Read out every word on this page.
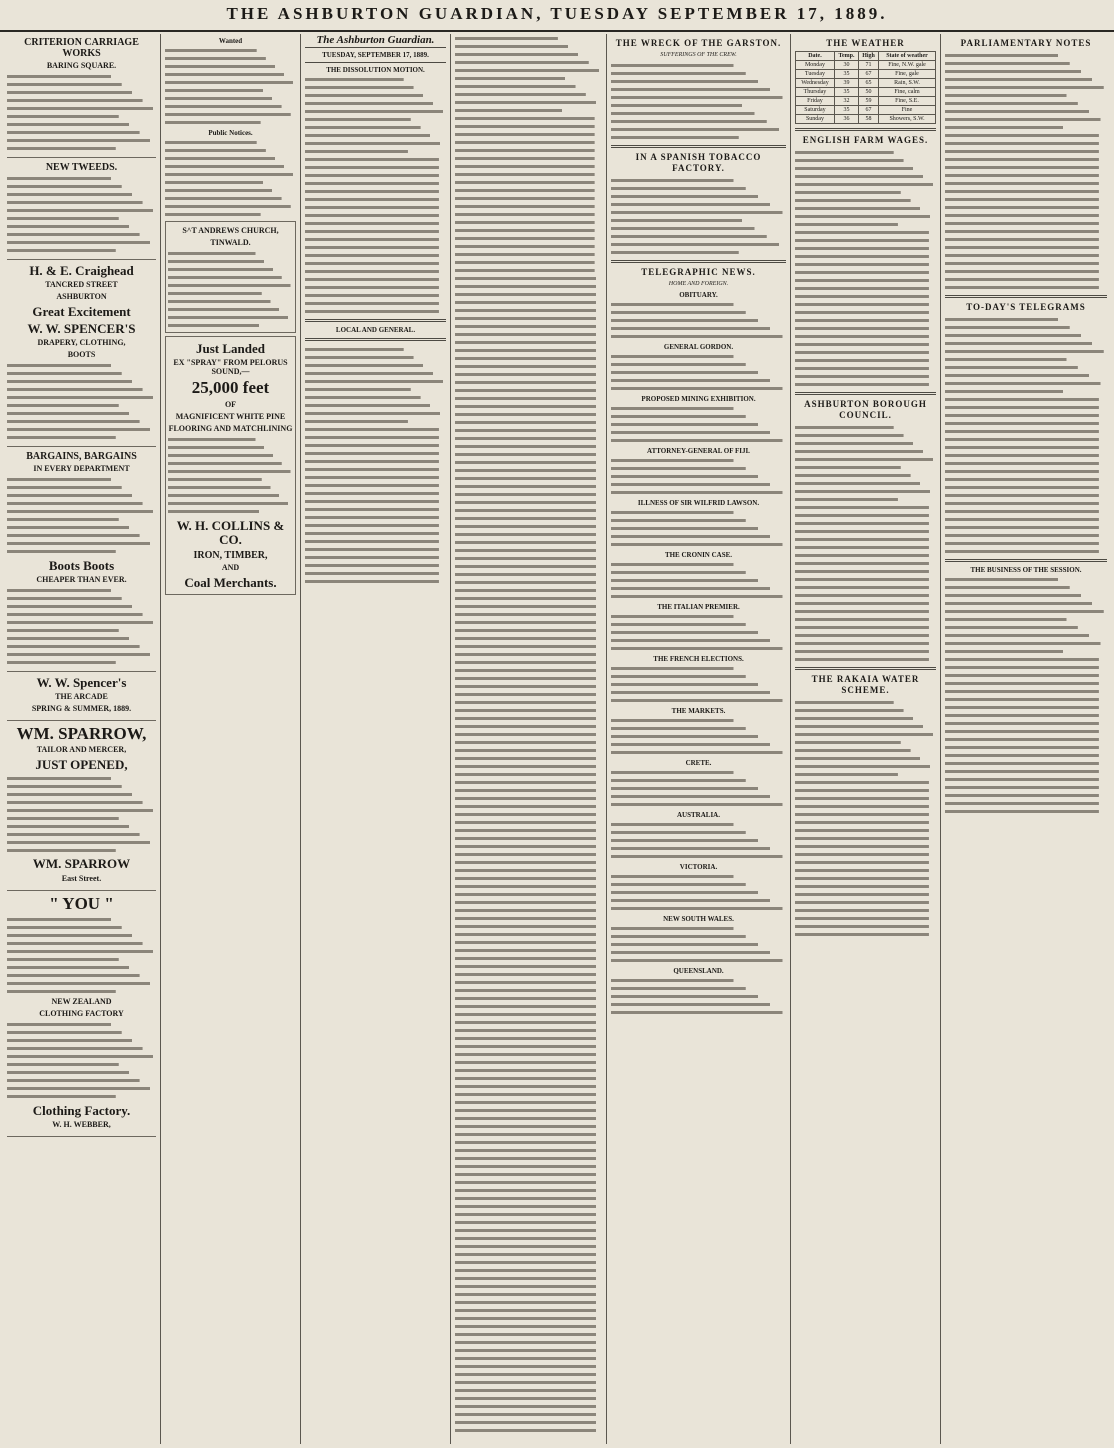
THE ASHBURTON GUARDIAN, TUESDAY SEPTEMBER 17, 1889.
CRITERION CARRIAGE WORKS
BARING SQUARE.
NEW TWEEDS.
H. & E. Craighead
TANCRED STREET
ASHBURTON
Great Excitement
W. W. SPENCER'S
DRAPERY, CLOTHING,
BOOTS
BARGAINS, BARGAINS
IN EVERY DEPARTMENT
Boots Boots
CHEAPER THAN EVER.
W. W. Spencer's
THE ARCADE
SPRING & SUMMER, 1889.
WM. SPARROW,
TAILOR AND MERCER,
JUST OPENED,
WM. SPARROW
East Street.
" YOU "
NEW ZEALAND
CLOTHING FACTORY
Clothing Factory.
W. H. WEBBER,
Wanted
Public Notices.
S^T ANDREWS CHURCH,
TINWALD.
Just Landed
EX "SPRAY" FROM PELORUS SOUND,—
25,000 feet
OF
MAGNIFICENT WHITE PINE
FLOORING AND MATCHLINING
W. H. COLLINS & CO.
IRON, TIMBER,
AND
Coal Merchants.
The Ashburton Guardian.
TUESDAY, SEPTEMBER 17, 1889.
THE DISSOLUTION MOTION.
LOCAL AND GENERAL.
THE WRECK OF THE GARSTON.
SUFFERINGS OF THE CREW.
IN A SPANISH TOBACCO FACTORY.
TELEGRAPHIC NEWS.
HOME AND FOREIGN.
OBITUARY.
GENERAL GORDON.
PROPOSED MINING EXHIBITION.
ATTORNEY-GENERAL OF FIJI.
ILLNESS OF SIR WILFRID LAWSON.
THE CRONIN CASE.
THE ITALIAN PREMIER.
THE FRENCH ELECTIONS.
THE MARKETS.
CRETE.
AUSTRALIA.
VICTORIA.
NEW SOUTH WALES.
QUEENSLAND.
THE WEATHER
Date.	Temp.	High	State of weather
Monday	30	71	Fine, N.W. gale
Tuesday	35	67	Fine, gale
Wednesday	39	65	Rain, S.W.
Thursday	35	50	Fine, calm
Friday	32	59	Fine, S.E.
Saturday	35	67	Fine
Sunday	36	58	Showers, S.W.
ENGLISH FARM WAGES.
ASHBURTON BOROUGH COUNCIL.
THE RAKAIA WATER SCHEME.
PARLIAMENTARY NOTES
TO-DAY'S TELEGRAMS
THE BUSINESS OF THE SESSION.
